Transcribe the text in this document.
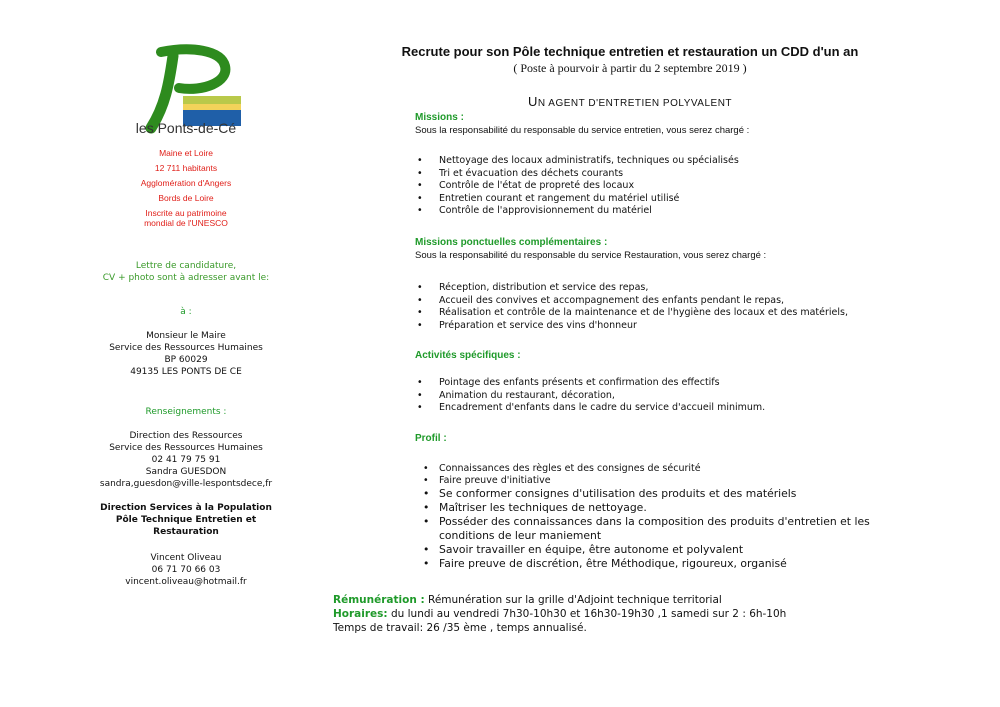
les Ponts-de-Cé
Maine et Loire
12 711 habitants
Agglomération d'Angers
Bords de Loire
Inscrite au patrimoine
mondial de l'UNESCO
Lettre de candidature,
CV + photo sont à adresser avant le:
à :
Monsieur le Maire
Service des Ressources Humaines
BP 60029
49135 LES PONTS DE CE
Renseignements :
Direction des Ressources
Service des Ressources Humaines
02 41 79 75 91
Sandra GUESDON
sandra,guesdon@ville-lespontsdece,fr
Direction Services à la Population
Pôle Technique Entretien et
Restauration
Vincent Oliveau
06 71 70 66 03
vincent.oliveau@hotmail.fr
Recrute pour son Pôle technique entretien et restauration un CDD d'un an
( Poste à pourvoir à partir du 2 septembre 2019 )
UN AGENT D'ENTRETIEN POLYVALENT
Missions :
Sous la responsabilité du responsable du service entretien, vous serez chargé :
• Nettoyage des locaux administratifs, techniques ou spécialisés
• Tri et évacuation des déchets courants
• Contrôle de l'état de propreté des locaux
• Entretien courant et rangement du matériel utilisé
• Contrôle de l'approvisionnement du matériel
Missions ponctuelles complémentaires :
Sous la responsabilité du responsable du service Restauration, vous serez chargé :
• Réception, distribution et service des repas,
• Accueil des convives et accompagnement des enfants pendant le repas,
• Réalisation et contrôle de la maintenance et de l'hygiène des locaux et des matériels,
• Préparation et service des vins d'honneur
Activités spécifiques :
• Pointage des enfants présents et confirmation des effectifs
• Animation du restaurant, décoration,
• Encadrement d'enfants dans le cadre du service d'accueil minimum.
Profil :
• Connaissances des règles et des consignes de sécurité
• Faire preuve d'initiative
• Se conformer consignes d'utilisation des produits et des matériels
• Maîtriser les techniques de nettoyage.
• Posséder des connaissances dans la composition des produits d'entretien et les conditions de leur maniement
• Savoir travailler en équipe, être autonome et polyvalent
• Faire preuve de discrétion, être Méthodique, rigoureux, organisé
Rémunération : Rémunération sur la grille d'Adjoint technique territorial
Horaires: du lundi au vendredi 7h30-10h30 et 16h30-19h30 ,1 samedi sur 2 : 6h-10h
Temps de travail: 26 /35 ème , temps annualisé.
